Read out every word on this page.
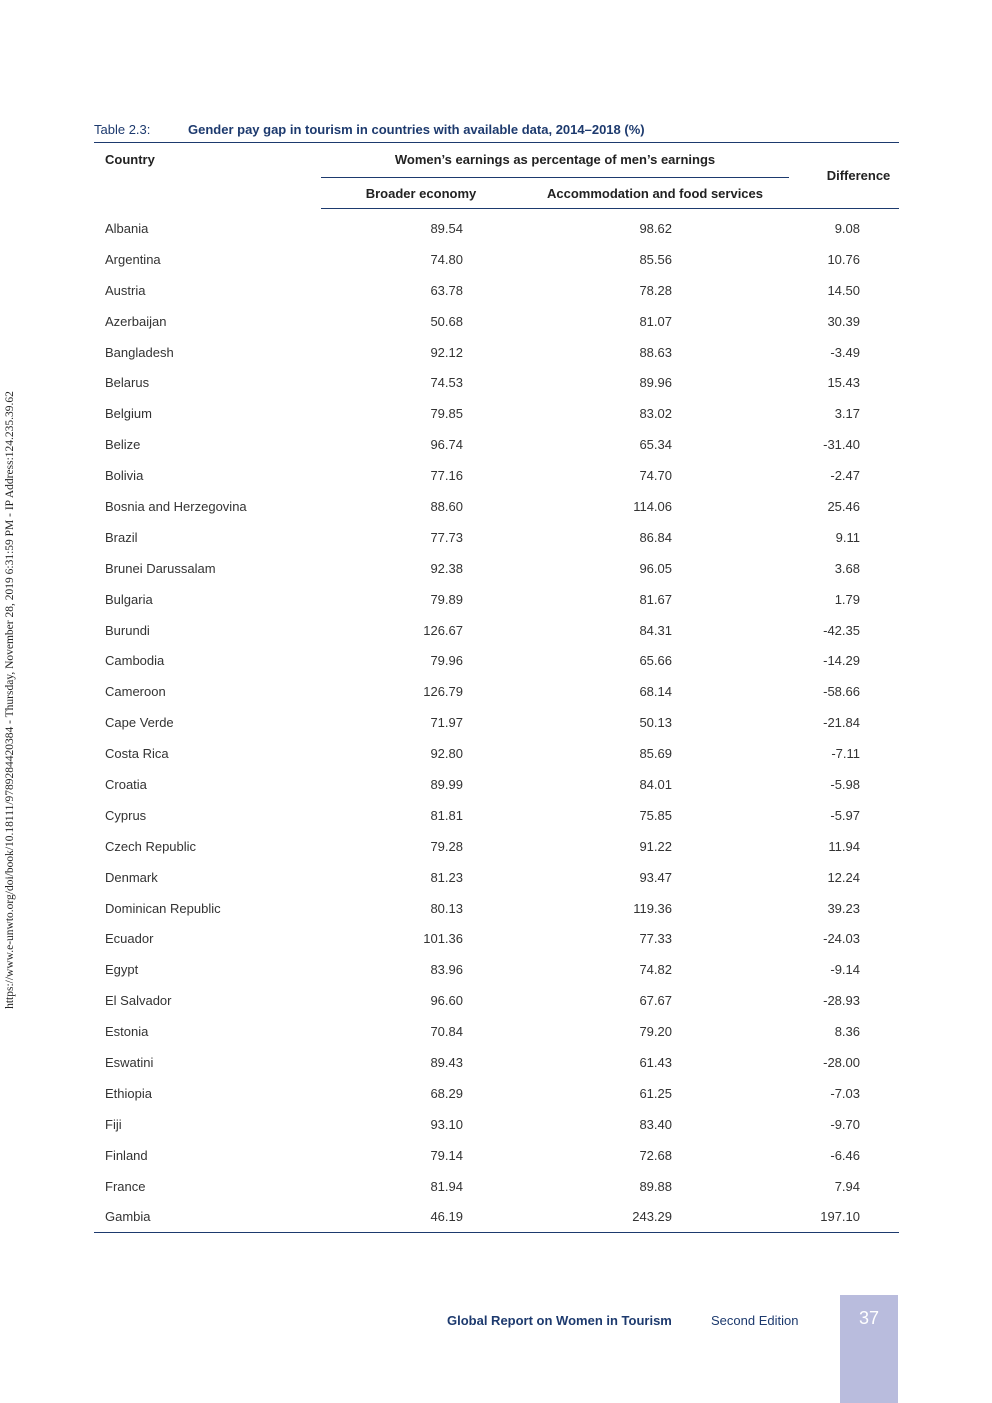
https://www.e-unwto.org/doi/book/10.18111/9789284420384 - Thursday, November 28, 2019 6:31:59 PM - IP Address:124.235.39.62
Table 2.3:	Gender pay gap in tourism in countries with available data, 2014–2018 (%)
Country	Women’s earnings as percentage of men’s earnings		Difference
	Broader economy	Accommodation and food services	
Albania	89.54	98.62	9.08
Argentina	74.80	85.56	10.76
Austria	63.78	78.28	14.50
Azerbaijan	50.68	81.07	30.39
Bangladesh	92.12	88.63	-3.49
Belarus	74.53	89.96	15.43
Belgium	79.85	83.02	3.17
Belize	96.74	65.34	-31.40
Bolivia	77.16	74.70	-2.47
Bosnia and Herzegovina	88.60	114.06	25.46
Brazil	77.73	86.84	9.11
Brunei Darussalam	92.38	96.05	3.68
Bulgaria	79.89	81.67	1.79
Burundi	126.67	84.31	-42.35
Cambodia	79.96	65.66	-14.29
Cameroon	126.79	68.14	-58.66
Cape Verde	71.97	50.13	-21.84
Costa Rica	92.80	85.69	-7.11
Croatia	89.99	84.01	-5.98
Cyprus	81.81	75.85	-5.97
Czech Republic	79.28	91.22	11.94
Denmark	81.23	93.47	12.24
Dominican Republic	80.13	119.36	39.23
Ecuador	101.36	77.33	-24.03
Egypt	83.96	74.82	-9.14
El Salvador	96.60	67.67	-28.93
Estonia	70.84	79.20	8.36
Eswatini	89.43	61.43	-28.00
Ethiopia	68.29	61.25	-7.03
Fiji	93.10	83.40	-9.70
Finland	79.14	72.68	-6.46
France	81.94	89.88	7.94
Gambia	46.19	243.29	197.10
Global Report on Women in Tourism	Second Edition	37
